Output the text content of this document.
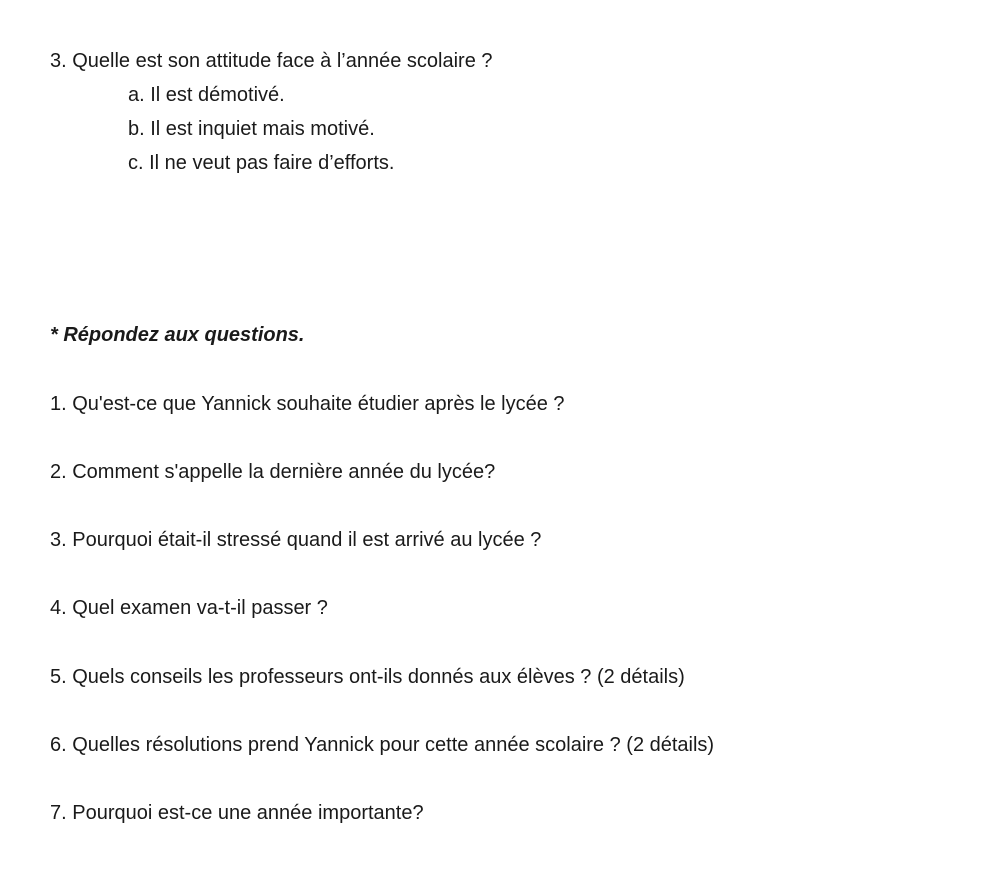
3. Quelle est son attitude face à l’année scolaire ?
a. Il est démotivé.
b. Il est inquiet mais motivé.
c. Il ne veut pas faire d’efforts.
* Répondez aux questions.
1. Qu'est-ce que Yannick souhaite étudier après le lycée ?
2. Comment s'appelle la dernière année du lycée?
3. Pourquoi était-il stressé quand il est arrivé au lycée ?
4. Quel examen va-t-il passer ?
5. Quels conseils les professeurs ont-ils donnés aux élèves ? (2 détails)
6. Quelles résolutions prend Yannick pour cette année scolaire ? (2 détails)
7. Pourquoi est-ce une année importante?
